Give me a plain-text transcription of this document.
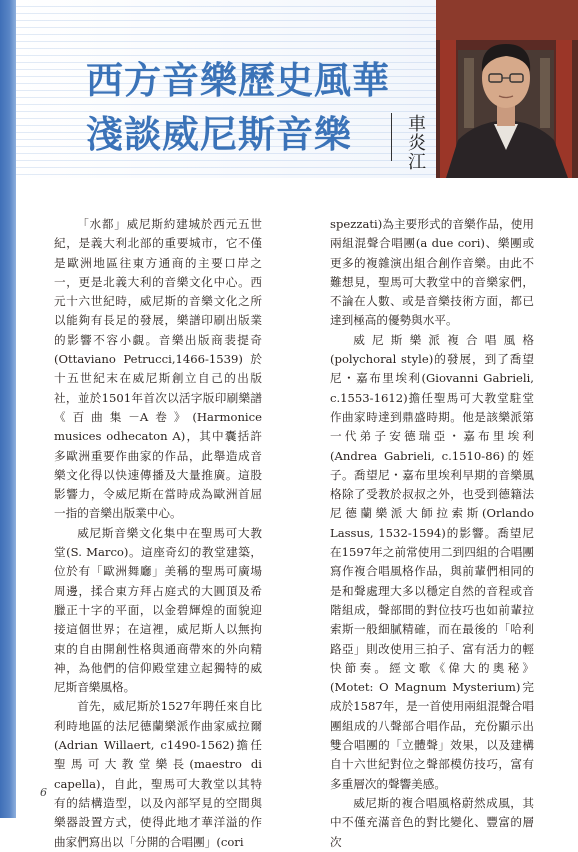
西方音樂歷史風華
淺談威尼斯音樂	車炎江

「水都」威尼斯約建城於西元五世紀，是義大利北部的重要城市，它不僅是歐洲地區往東方通商的主要口岸之一，更是北義大利的音樂文化中心。西元十六世紀時，威尼斯的音樂文化之所以能夠有長足的發展，樂譜印刷出版業的影響不容小覷。音樂出版商裴提奇(Ottaviano Petrucci,1466-1539) 於十五世紀末在威尼斯創立自己的出版社，並於1501年首次以活字版印刷樂譜《百曲集－A卷》(Harmonice musices odhecaton A)，其中囊括許多歐洲重要作曲家的作品，此舉造成音樂文化得以快速傳播及大量推廣。這股影響力，令威尼斯在當時成為歐洲首屈一指的音樂出版業中心。

威尼斯音樂文化集中在聖馬可大教堂(S. Marco)。這座奇幻的教堂建築，位於有「歐洲舞廳」美稱的聖馬可廣場周邊，揉合東方拜占庭式的大圓頂及希臘正十字的平面，以金碧輝煌的面貌迎接這個世界；在這裡，威尼斯人以無拘束的自由開創性格與通商帶來的外向精神，為他們的信仰殿堂建立起獨特的威尼斯音樂風格。

首先，威尼斯於1527年聘任來自比利時地區的法尼德蘭樂派作曲家威拉爾(Adrian Willaert, c1490-1562)擔任聖馬可大教堂樂長(maestro di capella)，自此，聖馬可大教堂以其特有的結構造型，以及內部罕見的空間與樂器設置方式，使得此地才華洋溢的作曲家們寫出以「分開的合唱團」(cori

spezzati)為主要形式的音樂作品，使用兩組混聲合唱團(a due cori)、樂團或更多的複雜演出組合創作音樂。由此不難想見，聖馬可大教堂中的音樂家們，不論在人數、或是音樂技術方面，都已達到極高的優勢與水平。

威尼斯樂派複合唱風格(polychoral style)的發展，到了喬望尼・嘉布里埃利(Giovanni Gabrieli, c.1553-1612)擔任聖馬可大教堂駐堂作曲家時達到鼎盛時期。他是該樂派第一代弟子安德瑞亞・嘉布里埃利(Andrea Gabrieli, c.1510-86)的姪子。喬望尼・嘉布里埃利早期的音樂風格除了受教於叔叔之外，也受到德籍法尼德蘭樂派大師拉索斯(Orlando Lassus, 1532-1594)的影響。喬望尼在1597年之前常使用二到四組的合唱團寫作複合唱風格作品，與前輩們相同的是和聲處理大多以穩定自然的音程或音階組成，聲部間的對位技巧也如前輩拉索斯一般細膩精確，而在最後的「哈利路亞」則改使用三拍子、富有活力的輕快節奏。經文歌《偉大的奧秘》(Motet: O Magnum Mysterium)完成於1587年，是一首使用兩組混聲合唱團組成的八聲部合唱作品，充份顯示出雙合唱團的「立體聲」效果，以及建構自十六世紀對位之聲部模仿技巧，富有多重層次的聲響美感。

威尼斯的複合唱風格蔚然成風，其中不僅充滿音色的對比變化、豐富的層次

6
